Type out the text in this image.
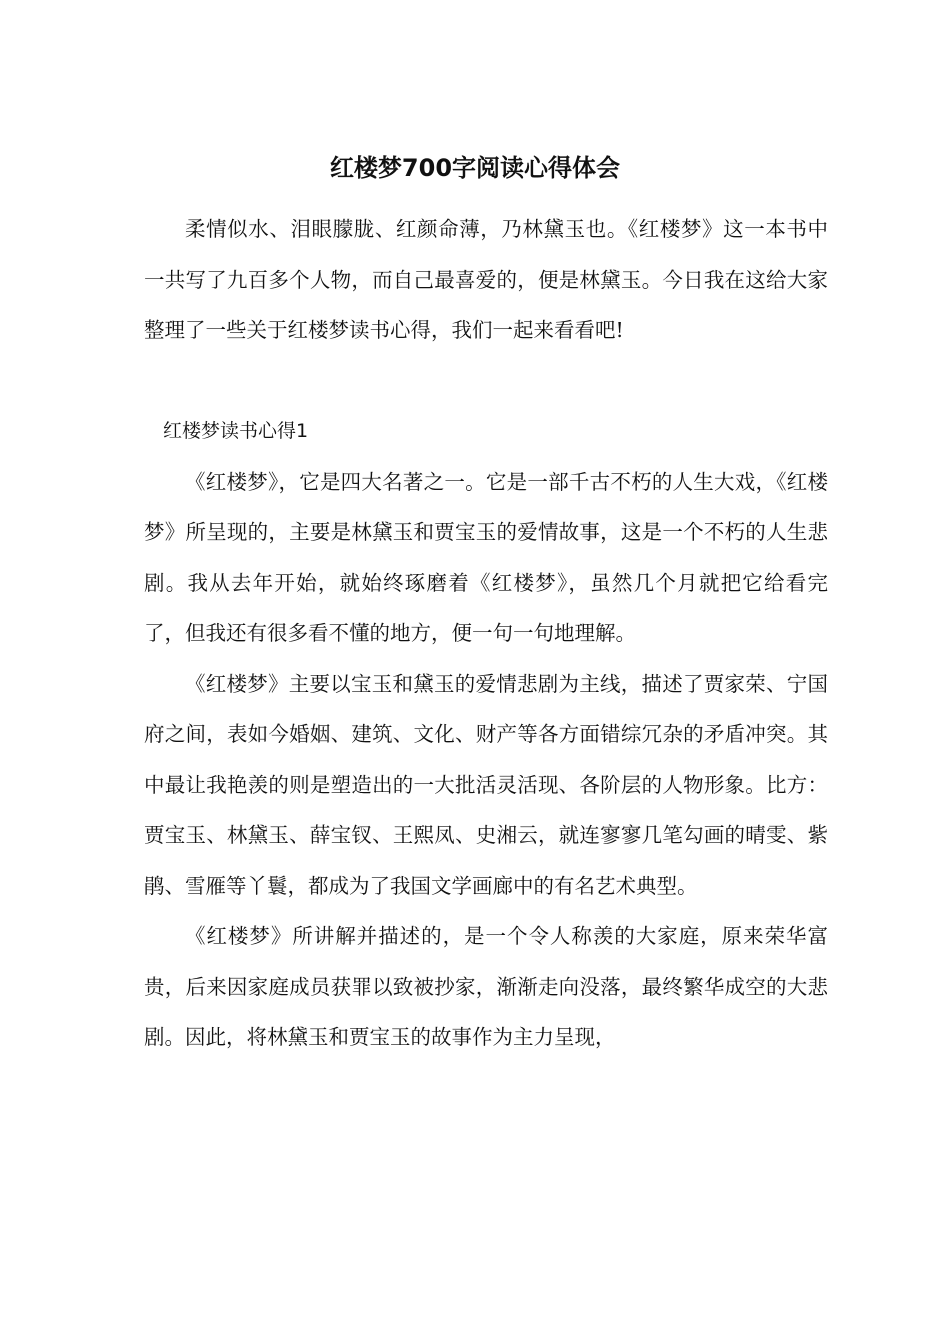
红楼梦700字阅读心得体会

柔情似水、泪眼朦胧、红颜命薄，乃林黛玉也。《红楼梦》这一本书中一共写了九百多个人物，而自己最喜爱的，便是林黛玉。今日我在这给大家整理了一些关于红楼梦读书心得，我们一起来看看吧!

红楼梦读书心得1

《红楼梦》，它是四大名著之一。它是一部千古不朽的人生大戏，《红楼梦》所呈现的，主要是林黛玉和贾宝玉的爱情故事，这是一个不朽的人生悲剧。我从去年开始，就始终琢磨着《红楼梦》，虽然几个月就把它给看完了，但我还有很多看不懂的地方，便一句一句地理解。

《红楼梦》主要以宝玉和黛玉的爱情悲剧为主线，描述了贾家荣、宁国府之间，表如今婚姻、建筑、文化、财产等各方面错综冗杂的矛盾冲突。其中最让我艳羡的则是塑造出的一大批活灵活现、各阶层的人物形象。比方：贾宝玉、林黛玉、薛宝钗、王熙凤、史湘云，就连寥寥几笔勾画的晴雯、紫鹃、雪雁等丫鬟，都成为了我国文学画廊中的有名艺术典型。

《红楼梦》所讲解并描述的，是一个令人称羡的大家庭，原来荣华富贵，后来因家庭成员获罪以致被抄家，渐渐走向没落，最终繁华成空的大悲剧。因此，将林黛玉和贾宝玉的故事作为主力呈现，
